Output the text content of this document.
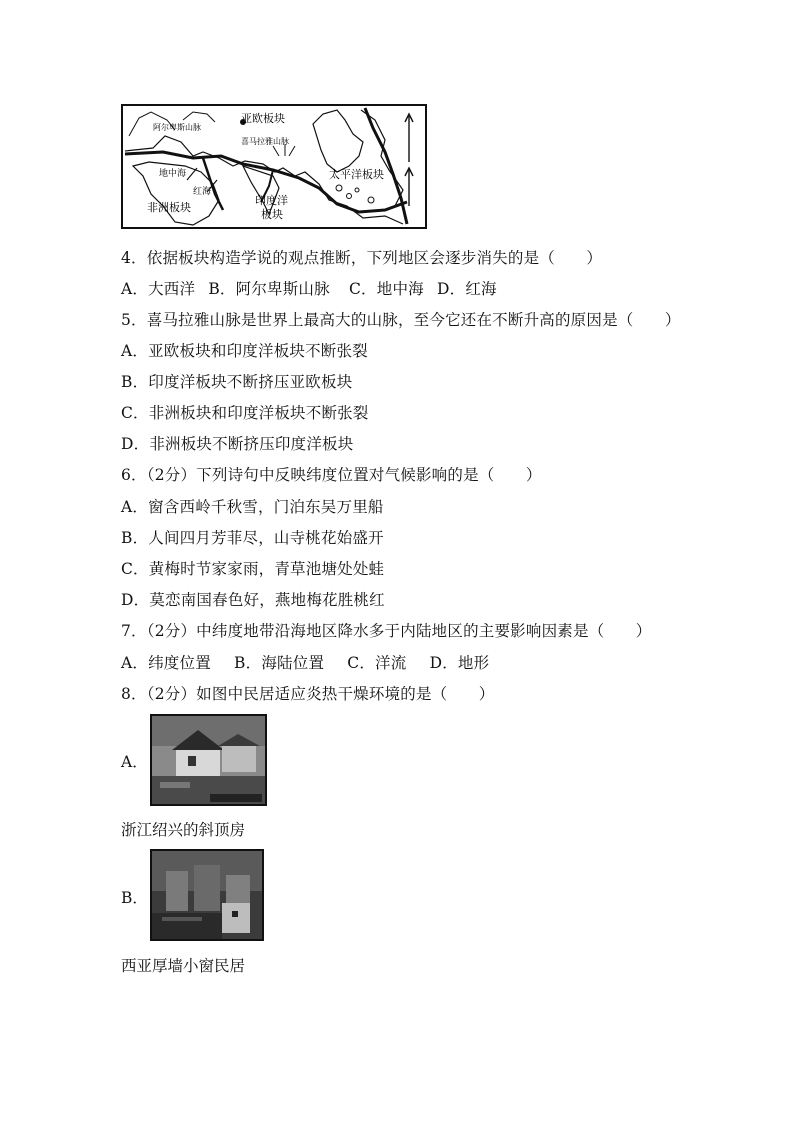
亚欧板块
阿尔卑斯山脉
喜马拉雅山脉
地中海
红海
非洲板块
印度洋
板块
太平洋板块
4．依据板块构造学说的观点推断，下列地区会逐步消失的是（　　）
A．大西洋 B．阿尔卑斯山脉 C．地中海 D．红海
5．喜马拉雅山脉是世界上最高大的山脉，至今它还在不断升高的原因是（　　）
A．亚欧板块和印度洋板块不断张裂
B．印度洋板块不断挤压亚欧板块
C．非洲板块和印度洋板块不断张裂
D．非洲板块不断挤压印度洋板块
6．（2分）下列诗句中反映纬度位置对气候影响的是（　　）
A．窗含西岭千秋雪，门泊东吴万里船
B．人间四月芳菲尽，山寺桃花始盛开
C．黄梅时节家家雨，青草池塘处处蛙
D．莫恋南国春色好，燕地梅花胜桃红
7．（2分）中纬度地带沿海地区降水多于内陆地区的主要影响因素是（　　）
A．纬度位置 B．海陆位置 C．洋流 D．地形
8．（2分）如图中民居适应炎热干燥环境的是（　　）
A．
浙江绍兴的斜顶房
B．
西亚厚墙小窗民居
